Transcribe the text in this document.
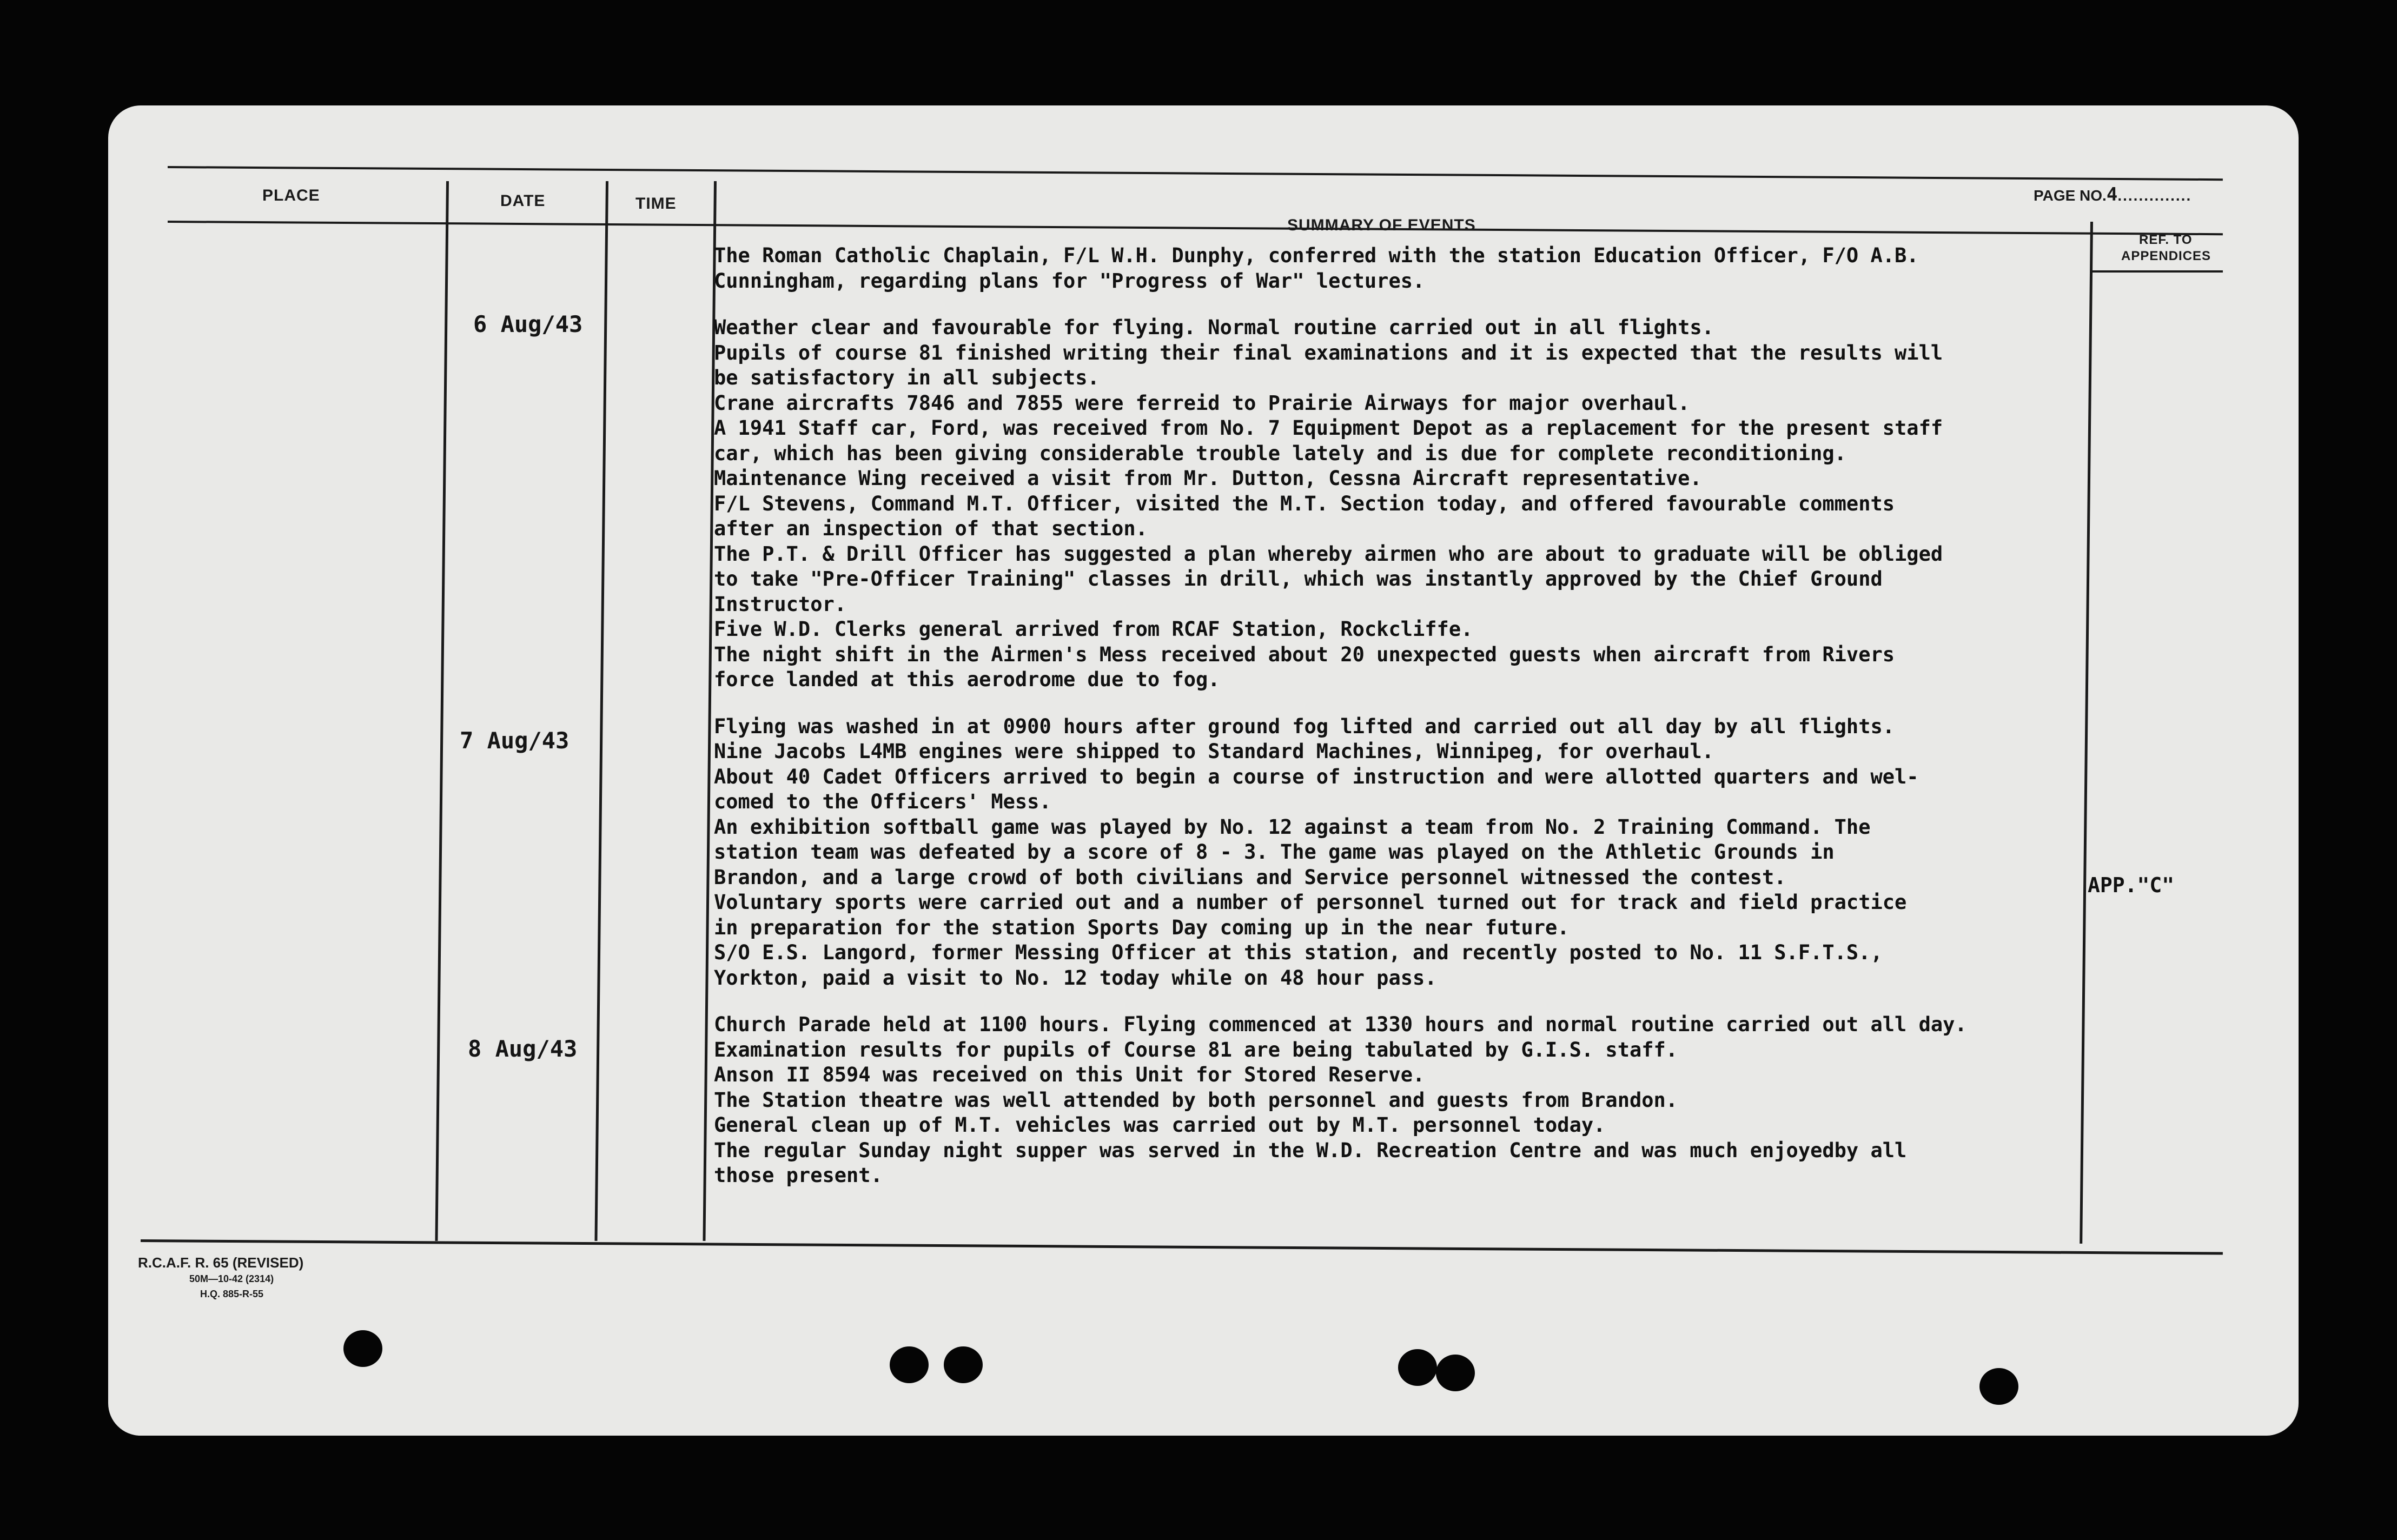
PLACE	DATE	TIME
SUMMARY OF EVENTS
PAGE NO.4..............
REF. TO
APPENDICES
6 Aug/43
7 Aug/43
8 Aug/43
The Roman Catholic Chaplain, F/L W.H. Dunphy, conferred with the station Education Officer, F/O A.B.
Cunningham, regarding plans for "Progress of War" lectures.
Weather clear and favourable for flying. Normal routine carried out in all flights.
Pupils of course 81 finished writing their final examinations and it is expected that the results will
be satisfactory in all subjects.
Crane aircrafts 7846 and 7855 were ferreid to Prairie Airways for major overhaul.
A 1941 Staff car, Ford, was received from No. 7 Equipment Depot as a replacement for the present staff
car, which has been giving considerable trouble lately and is due for complete reconditioning.
Maintenance Wing received a visit from Mr. Dutton, Cessna Aircraft representative.
F/L Stevens, Command M.T. Officer, visited the M.T. Section today, and offered favourable comments
after an inspection of that section.
The P.T. & Drill Officer has suggested a plan whereby airmen who are about to graduate will be obliged
to take "Pre-Officer Training" classes in drill, which was instantly approved by the Chief Ground
Instructor.
Five W.D. Clerks general arrived from RCAF Station, Rockcliffe.
The night shift in the Airmen's Mess received about 20 unexpected guests when aircraft from Rivers
force landed at this aerodrome due to fog.
Flying was washed in at 0900 hours after ground fog lifted and carried out all day by all flights.
Nine Jacobs L4MB engines were shipped to Standard Machines, Winnipeg, for overhaul.
About 40 Cadet Officers arrived to begin a course of instruction and were allotted quarters and wel-
comed to the Officers' Mess.
An exhibition softball game was played by No. 12 against a team from No. 2 Training Command. The
station team was defeated by a score of 8 - 3. The game was played on the Athletic Grounds in
Brandon, and a large crowd of both civilians and Service personnel witnessed the contest.
Voluntary sports were carried out and a number of personnel turned out for track and field practice
in preparation for the station Sports Day coming up in the near future.
S/O E.S. Langord, former Messing Officer at this station, and recently posted to No. 11 S.F.T.S.,
Yorkton, paid a visit to No. 12 today while on 48 hour pass.
Church Parade held at 1100 hours. Flying commenced at 1330 hours and normal routine carried out all day.
Examination results for pupils of Course 81 are being tabulated by G.I.S. staff.
Anson II 8594 was received on this Unit for Stored Reserve.
The Station theatre was well attended by both personnel and guests from Brandon.
General clean up of M.T. vehicles was carried out by M.T. personnel today.
The regular Sunday night supper was served in the W.D. Recreation Centre and was much enjoyedby all
those present.
APP."C"
R.C.A.F. R. 65 (REVISED)
50M—10-42 (2314)
H.Q. 885-R-55
